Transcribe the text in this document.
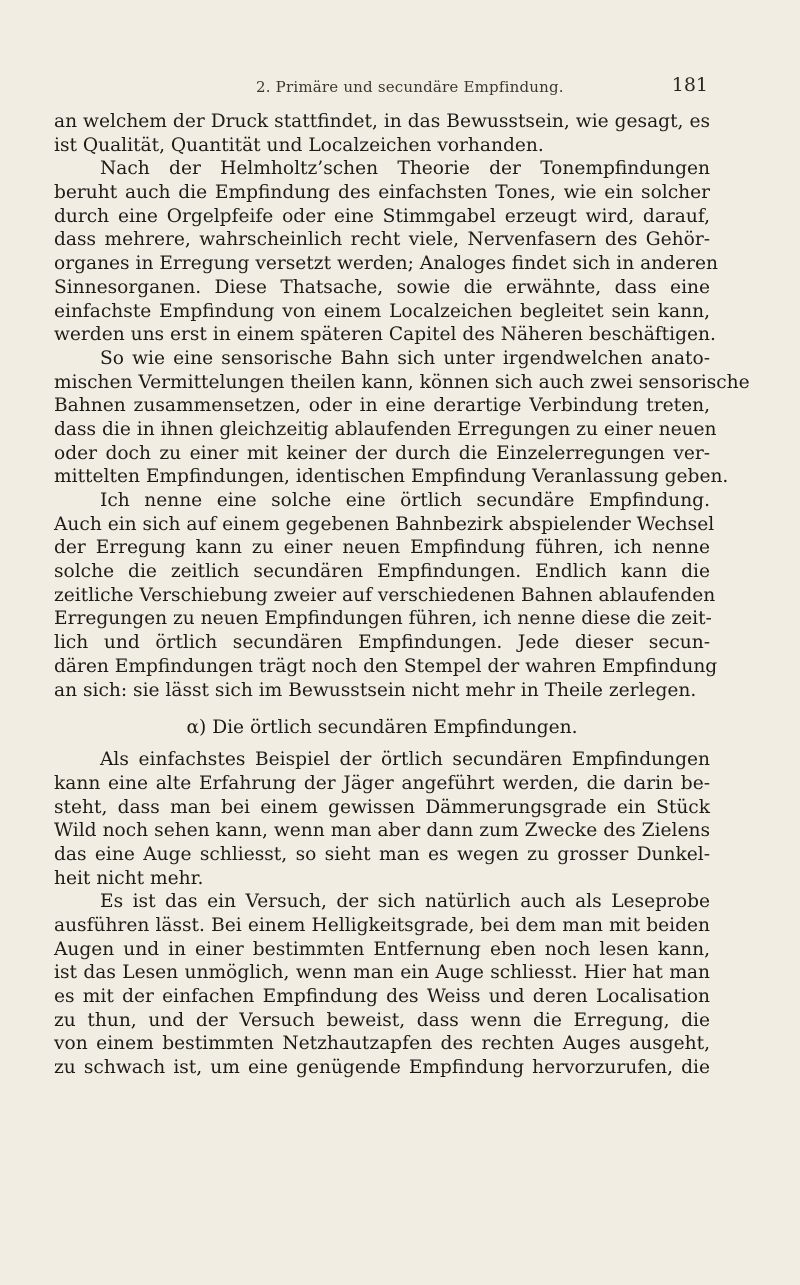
2. Primäre und secundäre Empfindung.	181
an welchem der Druck stattfindet, in das Bewusstsein, wie gesagt, es
ist Qualität, Quantität und Localzeichen vorhanden.
Nach der Helmholtz’schen Theorie der Tonempfindungen
beruht auch die Empfindung des einfachsten Tones, wie ein solcher
durch eine Orgelpfeife oder eine Stimmgabel erzeugt wird, darauf,
dass mehrere, wahrscheinlich recht viele, Nervenfasern des Gehör-
organes in Erregung versetzt werden; Analoges findet sich in anderen
Sinnesorganen. Diese Thatsache, sowie die erwähnte, dass eine
einfachste Empfindung von einem Localzeichen begleitet sein kann,
werden uns erst in einem späteren Capitel des Näheren beschäftigen.
So wie eine sensorische Bahn sich unter irgendwelchen anato-
mischen Vermittelungen theilen kann, können sich auch zwei sensorische
Bahnen zusammensetzen, oder in eine derartige Verbindung treten,
dass die in ihnen gleichzeitig ablaufenden Erregungen zu einer neuen
oder doch zu einer mit keiner der durch die Einzelerregungen ver-
mittelten Empfindungen, identischen Empfindung Veranlassung geben.
Ich nenne eine solche eine örtlich secundäre Empfindung.
Auch ein sich auf einem gegebenen Bahnbezirk abspielender Wechsel
der Erregung kann zu einer neuen Empfindung führen, ich nenne
solche die zeitlich secundären Empfindungen. Endlich kann die
zeitliche Verschiebung zweier auf verschiedenen Bahnen ablaufenden
Erregungen zu neuen Empfindungen führen, ich nenne diese die zeit-
lich und örtlich secundären Empfindungen. Jede dieser secun-
dären Empfindungen trägt noch den Stempel der wahren Empfindung
an sich: sie lässt sich im Bewusstsein nicht mehr in Theile zerlegen.
α) Die örtlich secundären Empfindungen.
Als einfachstes Beispiel der örtlich secundären Empfindungen
kann eine alte Erfahrung der Jäger angeführt werden, die darin be-
steht, dass man bei einem gewissen Dämmerungsgrade ein Stück
Wild noch sehen kann, wenn man aber dann zum Zwecke des Zielens
das eine Auge schliesst, so sieht man es wegen zu grosser Dunkel-
heit nicht mehr.
Es ist das ein Versuch, der sich natürlich auch als Leseprobe
ausführen lässt. Bei einem Helligkeitsgrade, bei dem man mit beiden
Augen und in einer bestimmten Entfernung eben noch lesen kann,
ist das Lesen unmöglich, wenn man ein Auge schliesst. Hier hat man
es mit der einfachen Empfindung des Weiss und deren Localisation
zu thun, und der Versuch beweist, dass wenn die Erregung, die
von einem bestimmten Netzhautzapfen des rechten Auges ausgeht,
zu schwach ist, um eine genügende Empfindung hervorzurufen, die
